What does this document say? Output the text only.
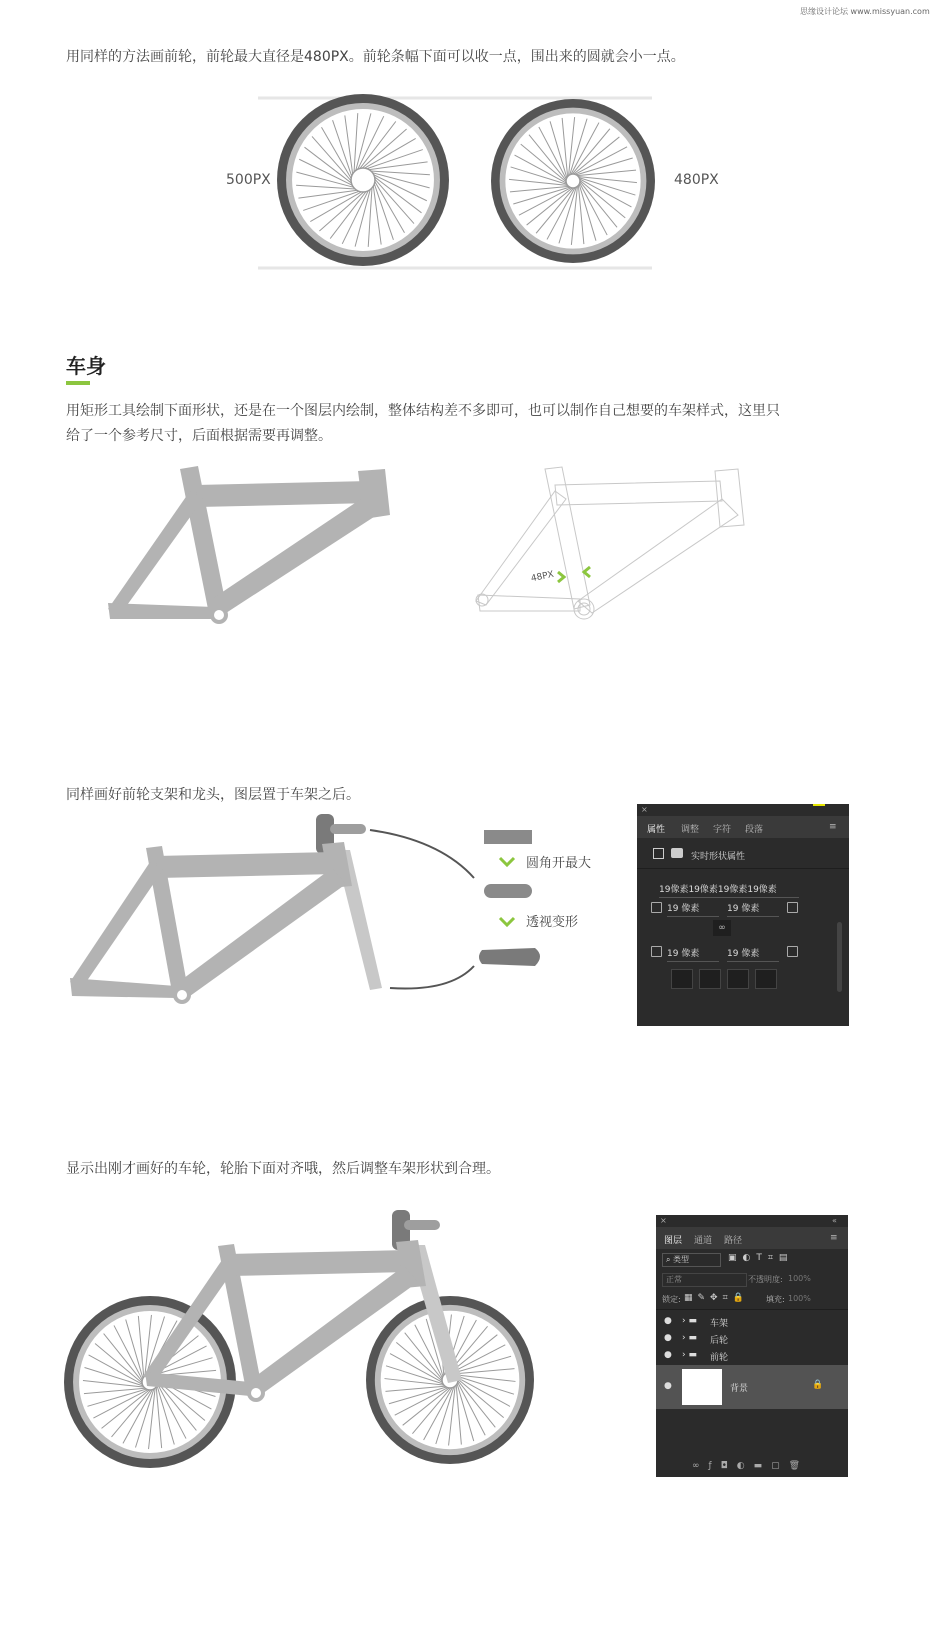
思缘设计论坛 www.missyuan.com
用同样的方法画前轮，前轮最大直径是480PX。前轮条幅下面可以收一点，围出来的圆就会小一点。
500PX	480PX
车身
用矩形工具绘制下面形状，还是在一个图层内绘制，整体结构差不多即可，也可以制作自己想要的车架样式，这里只
给了一个参考尺寸，后面根据需要再调整。
48PX
同样画好前轮支架和龙头，图层置于车架之后。
圆角开最大
透视变形
×
属性 调整 字符 段落	≡
实时形状属性
19像素19像素19像素19像素
19 像素	19 像素
∞
19 像素	19 像素
显示出刚才画好的车轮，轮胎下面对齐哦，然后调整车架形状到合理。
×	«
图层 通道 路径	≡
⌕ 类型	▣◐T⌗▤
正常	不透明度: 100%
锁定: ▦✎✥⌗🔒 填充: 100%
● › ▬ 车架
● › ▬ 后轮
● › ▬ 前轮
●	背景	🔒
∞ƒ◘◐▬▢🗑
